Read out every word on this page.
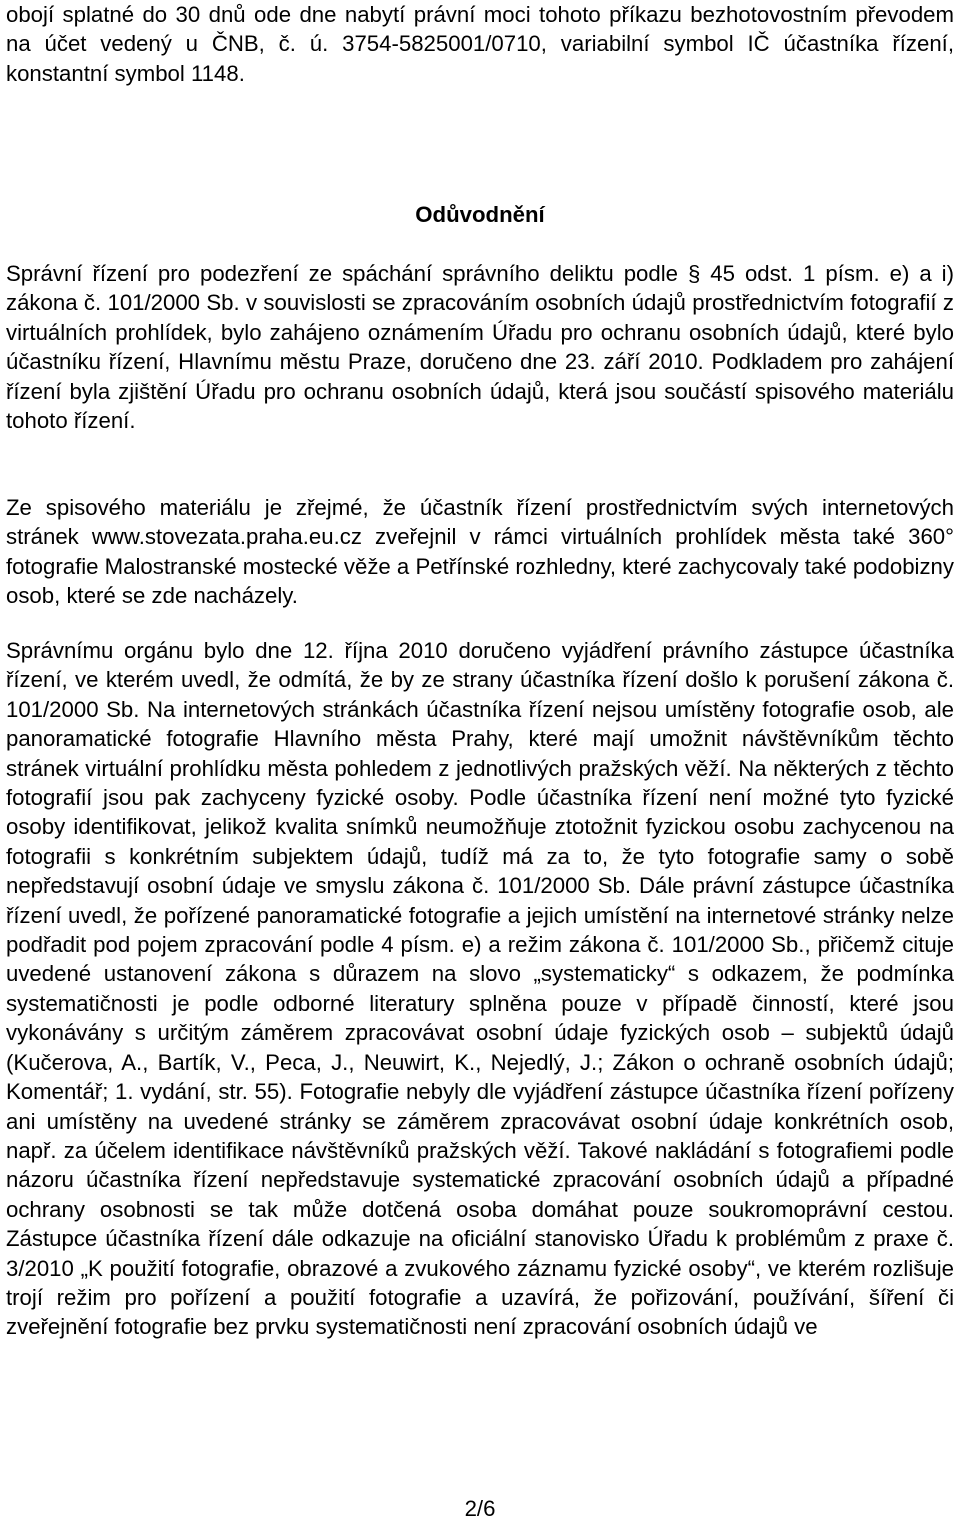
obojí splatné do 30 dnů ode dne nabytí právní moci tohoto příkazu bezhotovostním převodem na účet vedený u ČNB, č. ú. 3754-5825001/0710, variabilní symbol IČ účastníka řízení, konstantní symbol 1148.

Odůvodnění

Správní řízení pro podezření ze spáchání správního deliktu podle § 45 odst. 1 písm. e) a i) zákona č. 101/2000 Sb. v souvislosti se zpracováním osobních údajů prostřednictvím fotografií z virtuálních prohlídek, bylo zahájeno oznámením Úřadu pro ochranu osobních údajů, které bylo účastníku řízení, Hlavnímu městu Praze, doručeno dne 23. září 2010. Podkladem pro zahájení řízení byla zjištění Úřadu pro ochranu osobních údajů, která jsou součástí spisového materiálu tohoto řízení.

Ze spisového materiálu je zřejmé, že účastník řízení prostřednictvím svých internetových stránek www.stovezata.praha.eu.cz zveřejnil v rámci virtuálních prohlídek města také 360° fotografie Malostranské mostecké věže a Petřínské rozhledny, které zachycovaly také podobizny osob, které se zde nacházely.

Správnímu orgánu bylo dne 12. října 2010 doručeno vyjádření právního zástupce účastníka řízení, ve kterém uvedl, že odmítá, že by ze strany účastníka řízení došlo k porušení zákona č. 101/2000 Sb. Na internetových stránkách účastníka řízení nejsou umístěny fotografie osob, ale panoramatické fotografie Hlavního města Prahy, které mají umožnit návštěvníkům těchto stránek virtuální prohlídku města pohledem z jednotlivých pražských věží. Na některých z těchto fotografií jsou pak zachyceny fyzické osoby. Podle účastníka řízení není možné tyto fyzické osoby identifikovat, jelikož kvalita snímků neumožňuje ztotožnit fyzickou osobu zachycenou na fotografii s konkrétním subjektem údajů, tudíž má za to, že tyto fotografie samy o sobě nepředstavují osobní údaje ve smyslu zákona č. 101/2000 Sb. Dále právní zástupce účastníka řízení uvedl, že pořízené panoramatické fotografie a jejich umístění na internetové stránky nelze podřadit pod pojem zpracování podle 4 písm. e) a režim zákona č. 101/2000 Sb., přičemž cituje uvedené ustanovení zákona s důrazem na slovo „systematicky“ s odkazem, že podmínka systematičnosti je podle odborné literatury splněna pouze v případě činností, které jsou vykonávány s určitým záměrem zpracovávat osobní údaje fyzických osob – subjektů údajů (Kučerova, A., Bartík, V., Peca, J., Neuwirt, K., Nejedlý, J.; Zákon o ochraně osobních údajů; Komentář; 1. vydání, str. 55). Fotografie nebyly dle vyjádření zástupce účastníka řízení pořízeny ani umístěny na uvedené stránky se záměrem zpracovávat osobní údaje konkrétních osob, např. za účelem identifikace návštěvníků pražských věží. Takové nakládání s fotografiemi podle názoru účastníka řízení nepředstavuje systematické zpracování osobních údajů a případné ochrany osobnosti se tak může dotčená osoba domáhat pouze soukromoprávní cestou. Zástupce účastníka řízení dále odkazuje na oficiální stanovisko Úřadu k problémům z praxe č. 3/2010 „K použití fotografie, obrazové a zvukového záznamu fyzické osoby“, ve kterém rozlišuje trojí režim pro pořízení a použití fotografie a uzavírá, že pořizování, používání, šíření či zveřejnění fotografie bez prvku systematičnosti není zpracování osobních údajů ve

2/6
